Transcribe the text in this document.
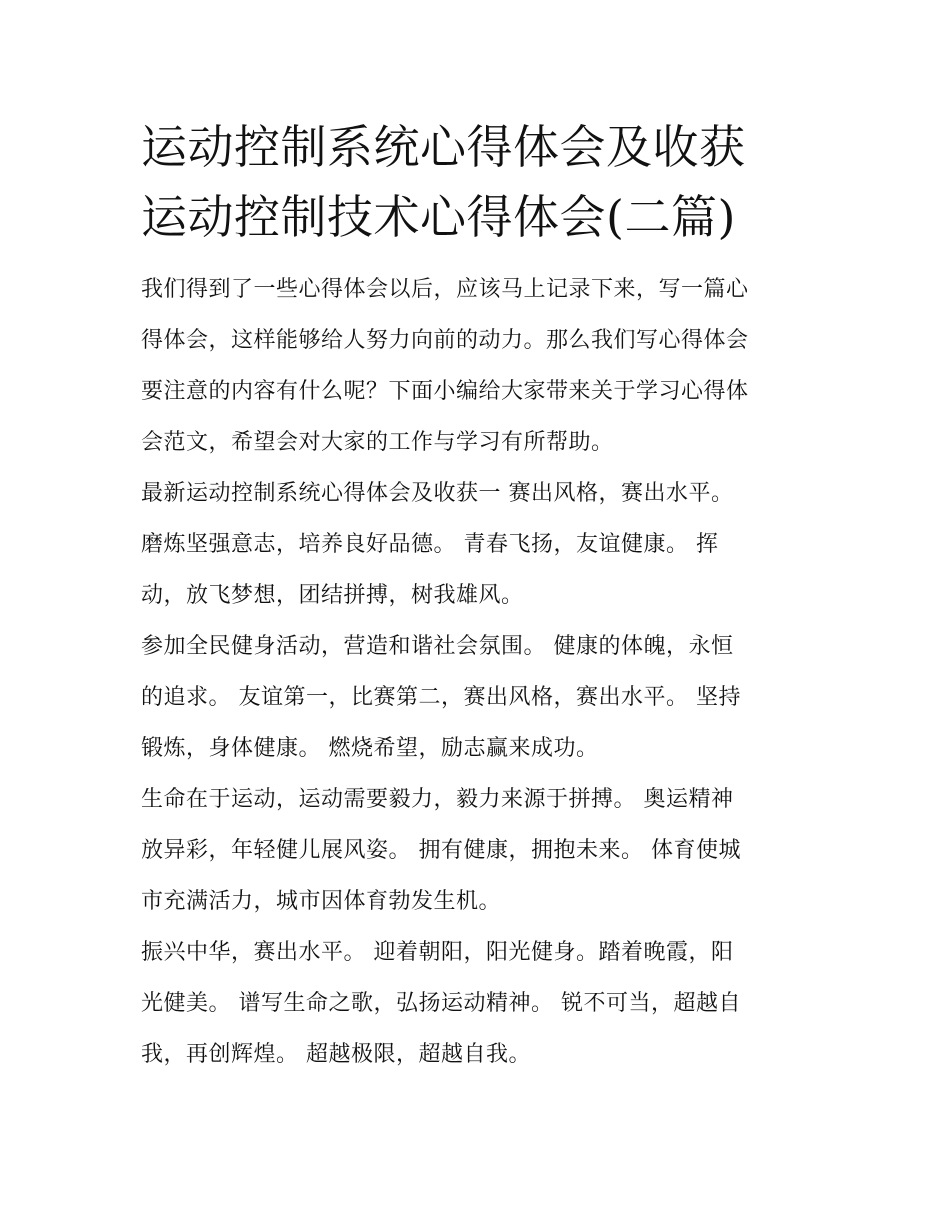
运动控制系统心得体会及收获
运动控制技术心得体会(二篇)

我们得到了一些心得体会以后，应该马上记录下来，写一篇心
得体会，这样能够给人努力向前的动力。那么我们写心得体会
要注意的内容有什么呢？下面小编给大家带来关于学习心得体
会范文，希望会对大家的工作与学习有所帮助。

最新运动控制系统心得体会及收获一 赛出风格，赛出水平。
磨炼坚强意志，培养良好品德。 青春飞扬，友谊健康。 挥
动，放飞梦想，团结拼搏，树我雄风。

参加全民健身活动，营造和谐社会氛围。 健康的体魄，永恒
的追求。 友谊第一，比赛第二，赛出风格，赛出水平。 坚持
锻炼，身体健康。 燃烧希望，励志赢来成功。

生命在于运动，运动需要毅力，毅力来源于拼搏。 奥运精神
放异彩，年轻健儿展风姿。 拥有健康，拥抱未来。 体育使城
市充满活力，城市因体育勃发生机。

振兴中华，赛出水平。 迎着朝阳，阳光健身。踏着晚霞，阳
光健美。 谱写生命之歌，弘扬运动精神。 锐不可当，超越自
我，再创辉煌。 超越极限，超越自我。
